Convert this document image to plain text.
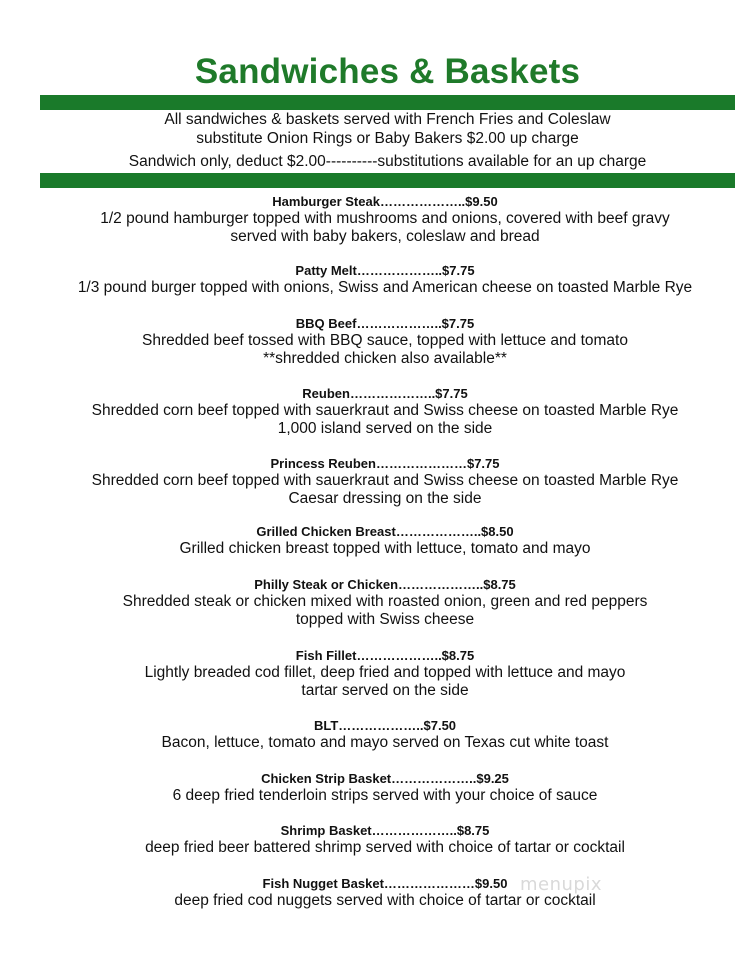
Sandwiches & Baskets
All sandwiches & baskets served with French Fries and Coleslaw
substitute Onion Rings or Baby Bakers $2.00 up charge
Sandwich only, deduct $2.00----------substitutions available for an up charge
Hamburger Steak………………..$9.50
1/2 pound hamburger topped with mushrooms and onions, covered with beef gravy
served with baby bakers, coleslaw and bread
Patty Melt………………..$7.75
1/3 pound burger topped with onions, Swiss and American cheese on toasted Marble Rye
BBQ Beef………………..$7.75
Shredded beef tossed with BBQ sauce, topped with lettuce and tomato
**shredded chicken also available**
Reuben………………..$7.75
Shredded corn beef topped with sauerkraut and Swiss cheese on toasted Marble Rye
1,000 island served on the side
Princess Reuben…………………$7.75
Shredded corn beef topped with sauerkraut and Swiss cheese on toasted Marble Rye
Caesar dressing on the side
Grilled Chicken Breast………………..$8.50
Grilled chicken breast topped with lettuce, tomato and mayo
Philly Steak or Chicken………………..$8.75
Shredded steak or chicken mixed with roasted onion, green and red peppers
topped with Swiss cheese
Fish Fillet………………..$8.75
Lightly breaded cod fillet, deep fried and topped with lettuce and mayo
tartar served on the side
BLT………………..$7.50
Bacon, lettuce, tomato and mayo served on Texas cut white toast
Chicken Strip Basket………………..$9.25
6 deep fried tenderloin strips served with your choice of sauce
Shrimp Basket………………..$8.75
deep fried beer battered shrimp served with choice of tartar or cocktail
Fish Nugget Basket…………………$9.50
deep fried cod nuggets served with choice of tartar or cocktail
menupix
